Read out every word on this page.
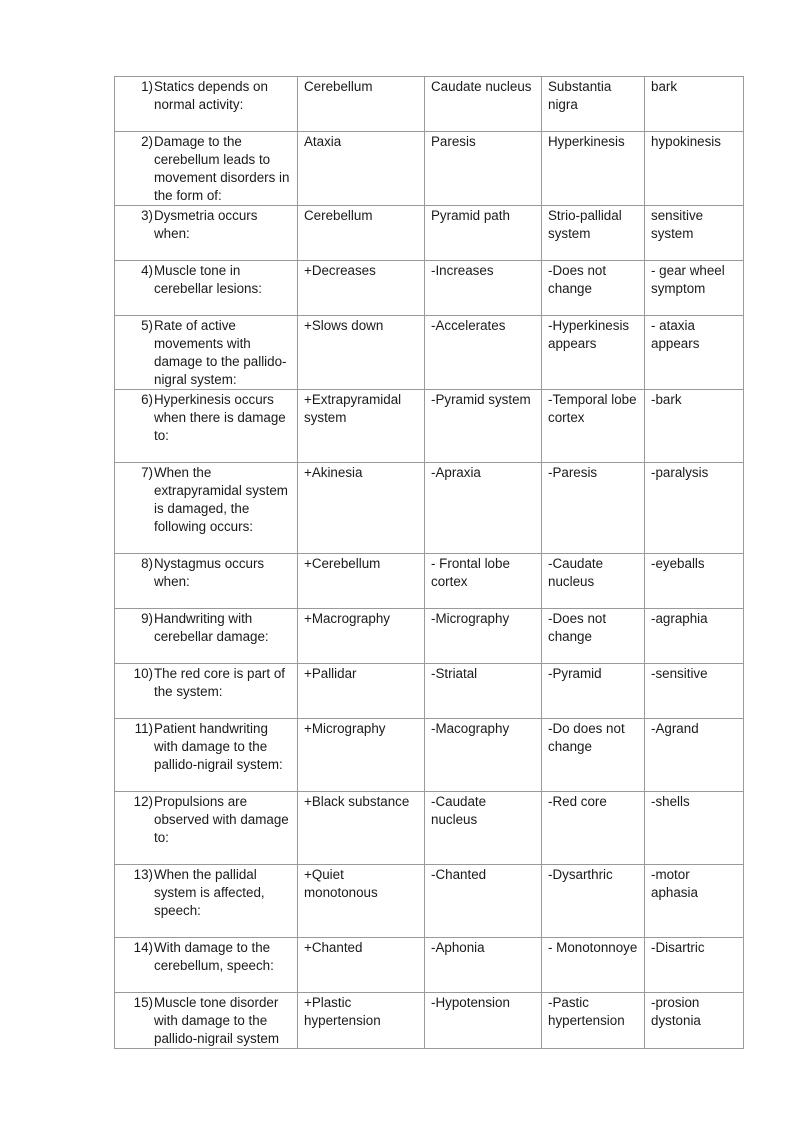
1) Statics depends on normal activity:	Cerebellum	Caudate nucleus	Substantia nigra	bark

2) Damage to the cerebellum leads to movement disorders in the form of:	Ataxia	Paresis	Hyperkinesis	hypokinesis

3) Dysmetria occurs when:	Cerebellum	Pyramid path	Strio-pallidal system	sensitive system

4) Muscle tone in cerebellar lesions:	+Decreases	-Increases	-Does not change	- gear wheel symptom

5) Rate of active movements with damage to the pallido-nigral system:	+Slows down	-Accelerates	-Hyperkinesis appears	- ataxia appears

6) Hyperkinesis occurs when there is damage to:	+Extrapyramidal system	-Pyramid system	-Temporal lobe cortex	-bark

7) When the extrapyramidal system is damaged, the following occurs:	+Akinesia	-Apraxia	-Paresis	-paralysis

8) Nystagmus occurs when:	+Cerebellum	- Frontal lobe cortex	-Caudate nucleus	-eyeballs

9) Handwriting with cerebellar damage:	+Macrography	-Micrography	-Does not change	-agraphia

10) The red core is part of the system:	+Pallidar	-Striatal	-Pyramid	-sensitive

11) Patient handwriting with damage to the pallido-nigrail system:	+Micrography	-Macography	-Do does not change	-Agrand

12) Propulsions are observed with damage to:	+Black substance	-Caudate nucleus	-Red core	-shells

13) When the pallidal system is affected, speech:	+Quiet monotonous	-Chanted	-Dysarthric	-motor aphasia

14) With damage to the cerebellum, speech:	+Chanted	-Aphonia	- Monotonnoye	-Disartric

15) Muscle tone disorder with damage to the pallido-nigrail system	+Plastic hypertension	-Hypotension	-Pastic hypertension	-prosion dystonia
